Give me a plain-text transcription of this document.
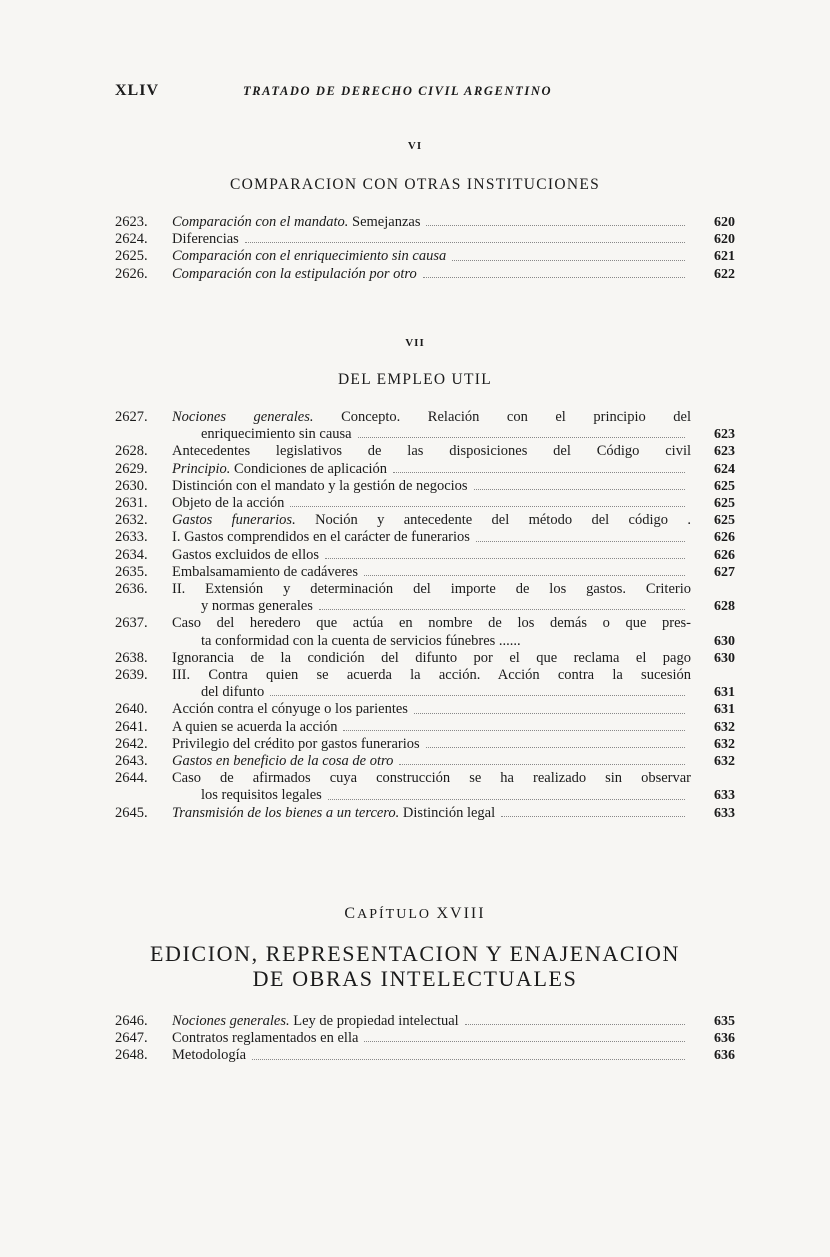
XLIV	TRATADO DE DERECHO CIVIL ARGENTINO
VI
COMPARACION CON OTRAS INSTITUCIONES
2623.	Comparación con el mandato. Semejanzas	620
2624.	Diferencias	620
2625.	Comparación con el enriquecimiento sin causa	621
2626.	Comparación con la estipulación por otro	622
VII
DEL EMPLEO UTIL
2627.	Nociones generales. Concepto. Relación con el principio del
enriquecimiento sin causa	623
2628.	Antecedentes legislativos de las disposiciones del Código civil	623
2629.	Principio. Condiciones de aplicación	624
2630.	Distinción con el mandato y la gestión de negocios	625
2631.	Objeto de la acción	625
2632.	Gastos funerarios. Noción y antecedente del método del código .	625
2633.	I. Gastos comprendidos en el carácter de funerarios	626
2634.	Gastos excluidos de ellos	626
2635.	Embalsamamiento de cadáveres	627
2636.	II. Extensión y determinación del importe de los gastos. Criterio
y normas generales	628
2637.	Caso del heredero que actúa en nombre de los demás o que pres-
ta conformidad con la cuenta de servicios fúnebres ......	630
2638.	Ignorancia de la condición del difunto por el que reclama el pago	630
2639.	III. Contra quien se acuerda la acción. Acción contra la sucesión
del difunto	631
2640.	Acción contra el cónyuge o los parientes	631
2641.	A quien se acuerda la acción	632
2642.	Privilegio del crédito por gastos funerarios	632
2643.	Gastos en beneficio de la cosa de otro	632
2644.	Caso de afirmados cuya construcción se ha realizado sin observar
los requisitos legales	633
2645.	Transmisión de los bienes a un tercero. Distinción legal	633
CAPÍTULO XVIII
EDICION, REPRESENTACION Y ENAJENACION
DE OBRAS INTELECTUALES
2646.	Nociones generales. Ley de propiedad intelectual	635
2647.	Contratos reglamentados en ella	636
2648.	Metodología	636
